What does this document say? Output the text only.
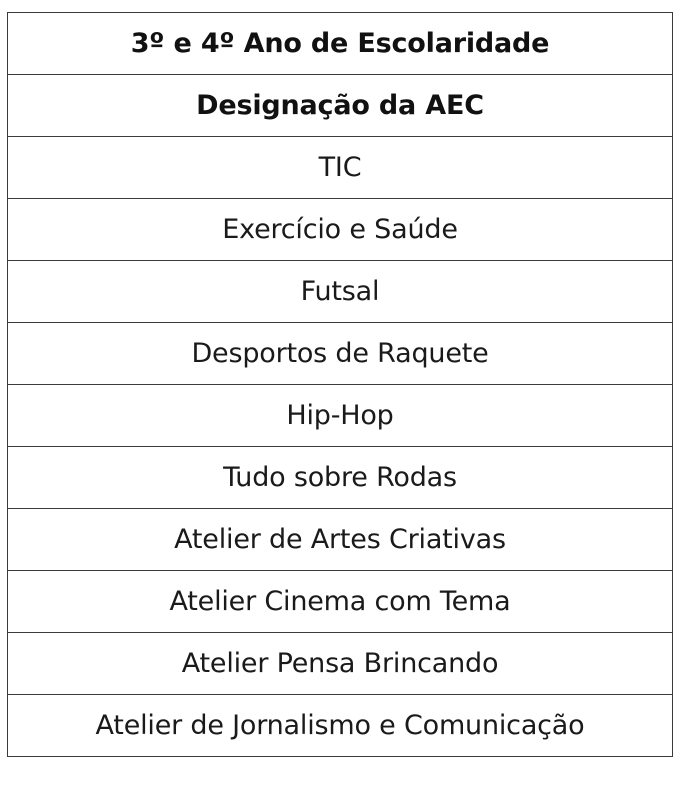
3º e 4º Ano de Escolaridade
Designação da AEC
TIC
Exercício e Saúde
Futsal
Desportos de Raquete
Hip-Hop
Tudo sobre Rodas
Atelier de Artes Criativas
Atelier Cinema com Tema
Atelier Pensa Brincando
Atelier de Jornalismo e Comunicação
